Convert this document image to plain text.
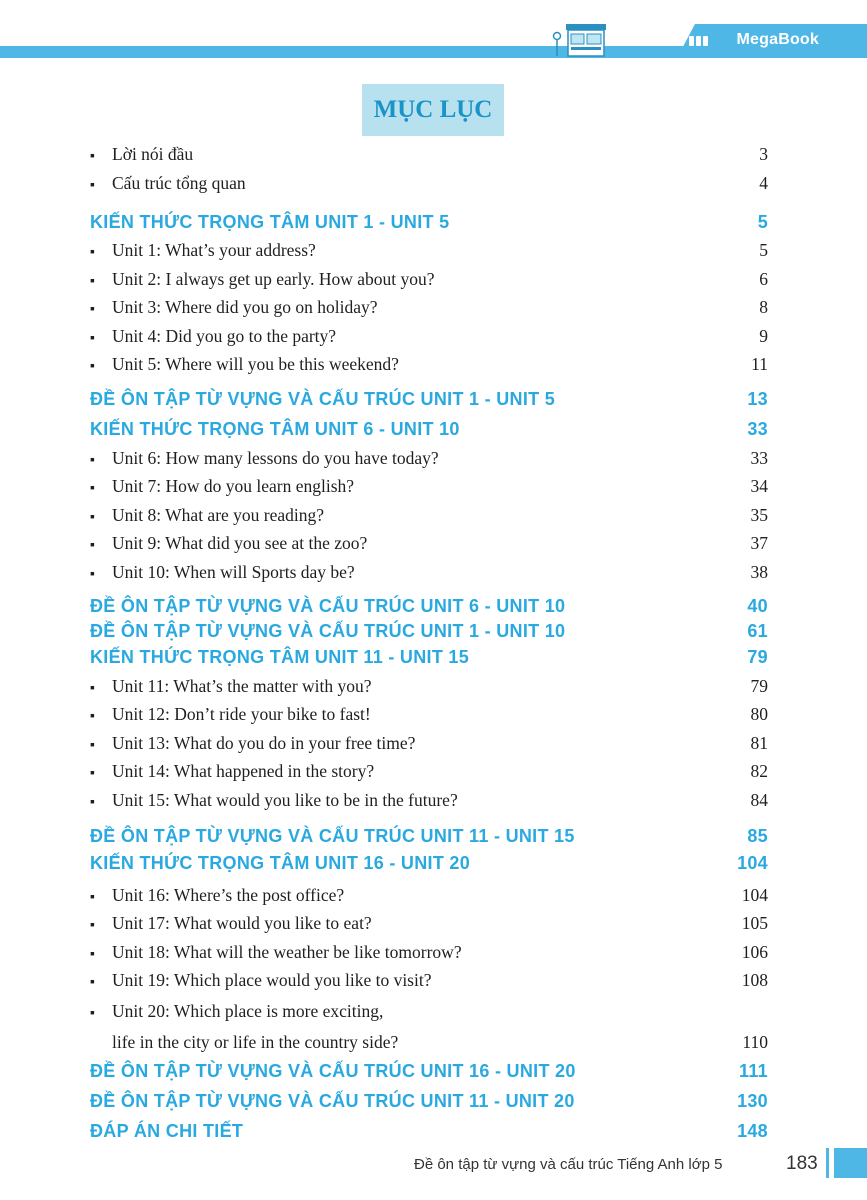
MegaBook
MỤC LỤC
▪ Lời nói đầu	3
▪ Cấu trúc tổng quan	4
KIẾN THỨC TRỌNG TÂM UNIT 1 - UNIT 5	5
▪ Unit 1: What’s your address?	5
▪ Unit 2: I always get up early. How about you?	6
▪ Unit 3: Where did you go on holiday?	8
▪ Unit 4: Did you go to the party?	9
▪ Unit 5: Where will you be this weekend?	11
ĐỀ ÔN TẬP TỪ VỰNG VÀ CẤU TRÚC UNIT 1 - UNIT 5	13
KIẾN THỨC TRỌNG TÂM UNIT 6 - UNIT 10	33
▪ Unit 6: How many lessons do you have today?	33
▪ Unit 7: How do you learn english?	34
▪ Unit 8: What are you reading?	35
▪ Unit 9: What did you see at the zoo?	37
▪ Unit 10: When will Sports day be?	38
ĐỀ ÔN TẬP TỪ VỰNG VÀ CẤU TRÚC UNIT 6 - UNIT 10	40
ĐỀ ÔN TẬP TỪ VỰNG VÀ CẤU TRÚC UNIT 1 - UNIT 10	61
KIẾN THỨC TRỌNG TÂM UNIT 11 - UNIT 15	79
▪ Unit 11: What’s the matter with you?	79
▪ Unit 12: Don’t ride your bike to fast!	80
▪ Unit 13: What do you do in your free time?	81
▪ Unit 14: What happened in the story?	82
▪ Unit 15: What would you like to be in the future?	84
ĐỀ ÔN TẬP TỪ VỰNG VÀ CẤU TRÚC UNIT 11 - UNIT 15	85
KIẾN THỨC TRỌNG TÂM UNIT 16 - UNIT 20	104
▪ Unit 16: Where’s the post office?	104
▪ Unit 17: What would you like to eat?	105
▪ Unit 18: What will the weather be like tomorrow?	106
▪ Unit 19: Which place would you like to visit?	108
▪ Unit 20: Which place is more exciting,
life in the city or life in the country side?	110
ĐỀ ÔN TẬP TỪ VỰNG VÀ CẤU TRÚC UNIT 16 - UNIT 20	111
ĐỀ ÔN TẬP TỪ VỰNG VÀ CẤU TRÚC UNIT 11 - UNIT 20	130
ĐÁP ÁN CHI TIẾT	148
Đề ôn tập từ vựng và cấu trúc Tiếng Anh lớp 5	183
